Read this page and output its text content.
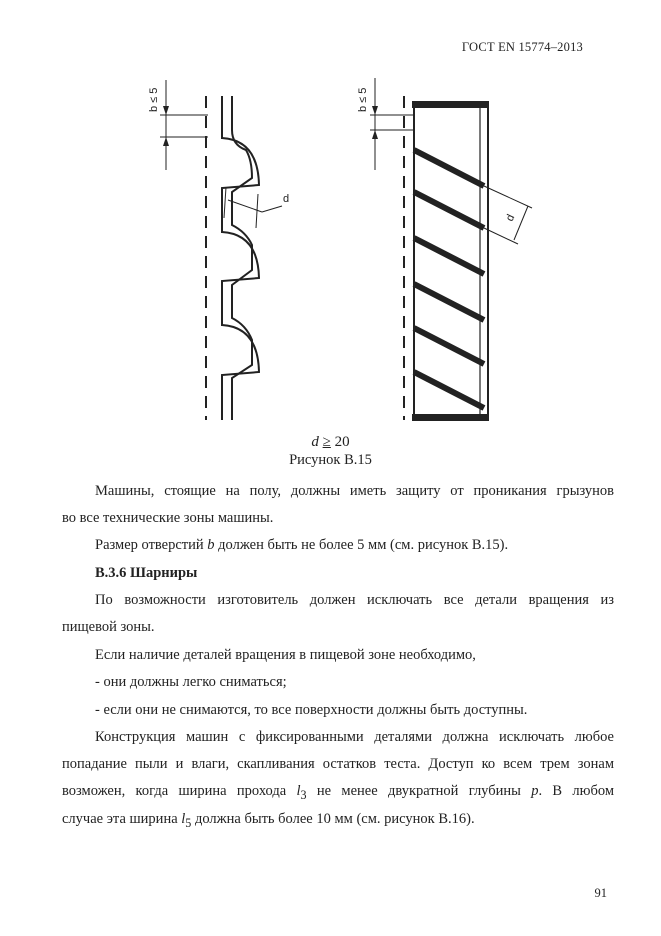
ГОСТ EN 15774–2013
b ≤ 5
d
b ≤ 5
d
d ≥ 20
Рисунок В.15
Машины, стоящие на полу, должны иметь защиту от проникания грызунов
во все технические зоны машины.
Размер отверстий b должен быть не более 5 мм (см. рисунок В.15).
В.3.6 Шарниры
По возможности изготовитель должен исключать все детали вращения из
пищевой зоны.
Если наличие деталей вращения в пищевой зоне необходимо,
- они должны легко сниматься;
- если они не снимаются, то все поверхности должны быть доступны.
Конструкция машин с фиксированными деталями должна исключать любое
попадание пыли и влаги, скапливания остатков теста. Доступ ко всем трем зонам
возможен, когда ширина прохода $l_3$ не менее двукратной глубины p. В любом
случае эта ширина $l_5$ должна быть более 10 мм (см. рисунок В.16).
91
